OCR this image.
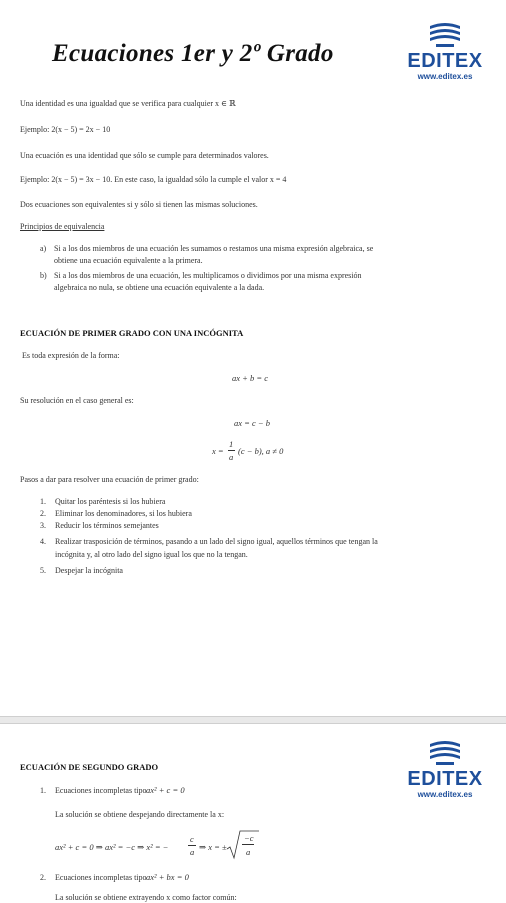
Ecuaciones 1er y 2º Grado	EDITEX
www.editex.es
Una identidad es una igualdad que se verifica para cualquier x ∈ ℝ
Ejemplo: 2(x − 5) = 2x − 10
Una ecuación es una identidad que sólo se cumple para determinados valores.
Ejemplo: 2(x − 5) = 3x − 10. En este caso, la igualdad sólo la cumple el valor x = 4
Dos ecuaciones son equivalentes si y sólo si tienen las mismas soluciones.
Principios de equivalencia
a) Si a los dos miembros de una ecuación les sumamos o restamos una misma expresión algebraica, se
obtiene una ecuación equivalente a la primera.
b) Si a los dos miembros de una ecuación, les multiplicamos o dividimos por una misma expresión
algebraica no nula, se obtiene una ecuación equivalente a la dada.
ECUACIÓN DE PRIMER GRADO CON UNA INCÓGNITA
Es toda expresión de la forma:
ax + b = c
Su resolución en el caso general es:
ax = c − b
x =
1
a
(c − b), a ≠ 0
Pasos a dar para resolver una ecuación de primer grado:
1. Quitar los paréntesis si los hubiera
2. Eliminar los denominadores, si los hubiera
3. Reducir los términos semejantes
4. Realizar trasposición de términos, pasando a un lado del signo igual, aquellos términos que tengan la
incógnita y, al otro lado del signo igual los que no la tengan.
5. Despejar la incógnita
EDITEX
www.editex.es
ECUACIÓN DE SEGUNDO GRADO
1. Ecuaciones incompletas tipo ax² + c = 0
La solución se obtiene despejando directamente la x:
ax² + c = 0 ⇒ ax² = −c ⇒ x² = −
c
a ⇒ x = ±
−c
a
2. Ecuaciones incompletas tipo ax² + bx = 0
La solución se obtiene extrayendo x como factor común:
